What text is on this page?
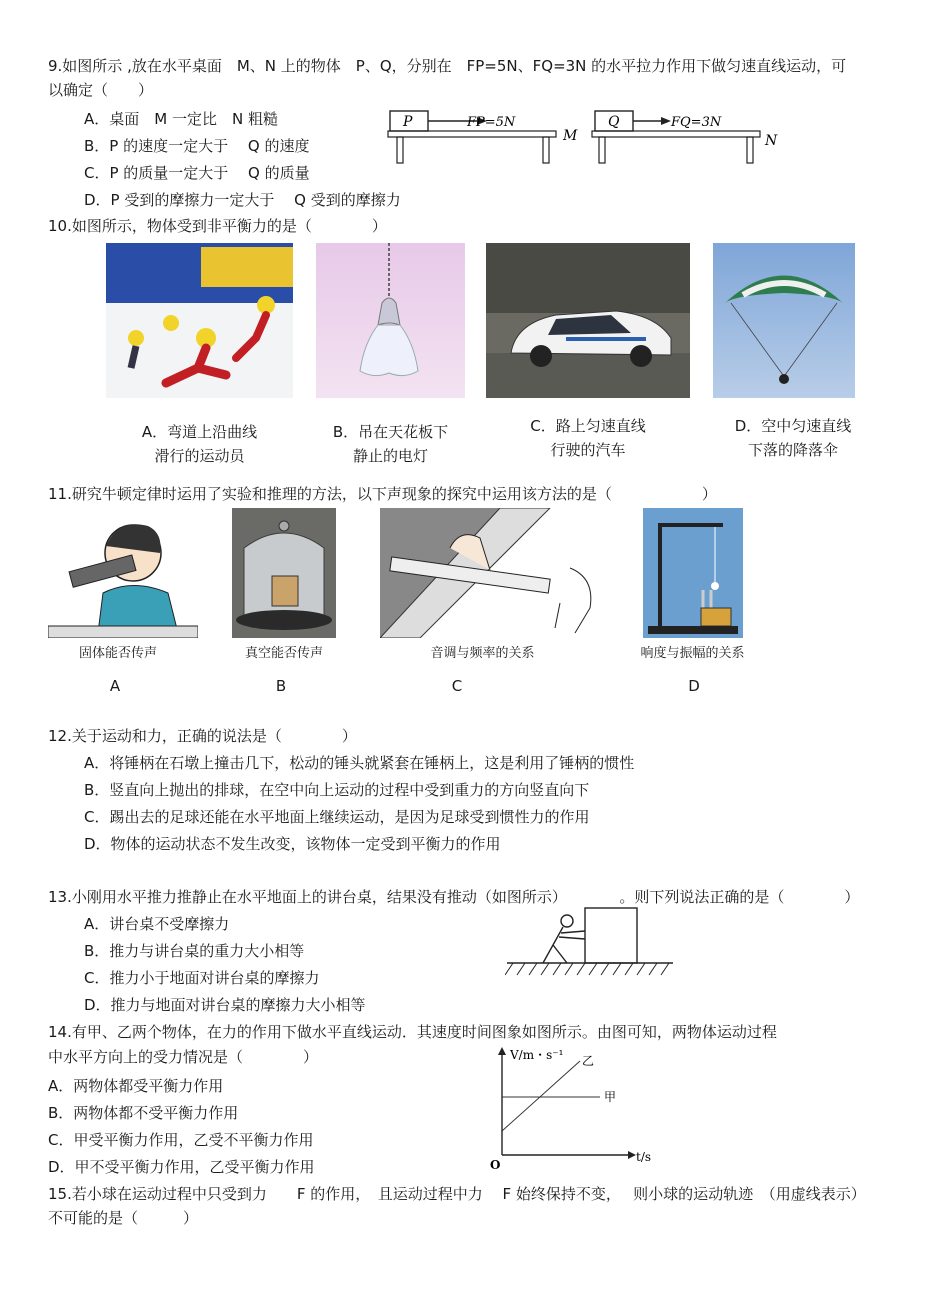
9.如图所示 ,放在水平桌面　M、N 上的物体　P、Q，分别在　FP=5N、FQ=3N 的水平拉力作用下做匀速直线运动，可
以确定（　　）
A．桌面　M 一定比　N 粗糙
B．P 的速度一定大于　 Q 的速度
C．P 的质量一定大于　 Q 的质量
D．P 受到的摩擦力一定大于　 Q 受到的摩擦力
P	FP=5N
M
Q	FQ=3N
N
10.如图所示，物体受到非平衡力的是（　　　　）
A．弯道上沿曲线
滑行的运动员
B．吊在天花板下
静止的电灯
C．路上匀速直线
行驶的汽车
D．空中匀速直线
下落的降落伞
11.研究牛顿定律时运用了实验和推理的方法，以下声现象的探究中运用该方法的是（　　　　　　）
固体能否传声
A
真空能否传声
B
音调与频率的关系
C
响度与振幅的关系
D
12.关于运动和力，正确的说法是（　　　　）
A．将锤柄在石墩上撞击几下，松动的锤头就紧套在锤柄上，这是利用了锤柄的惯性
B．竖直向上抛出的排球，在空中向上运动的过程中受到重力的方向竖直向下
C．踢出去的足球还能在水平地面上继续运动，是因为足球受到惯性力的作用
D．物体的运动状态不发生改变，该物体一定受到平衡力的作用
13.小刚用水平推力推静止在水平地面上的讲台桌，结果没有推动（如图所示）　　　　。则下列说法正确的是（　　　　）
A．讲台桌不受摩擦力
B．推力与讲台桌的重力大小相等
C．推力小于地面对讲台桌的摩擦力
D．推力与地面对讲台桌的摩擦力大小相等
14.有甲、乙两个物体，在力的作用下做水平直线运动．其速度时间图象如图所示。由图可知，两物体运动过程
中水平方向上的受力情况是（　　　　）
A．两物体都受平衡力作用
B．两物体都不受平衡力作用
C．甲受平衡力作用，乙受不平衡力作用
D．甲不受平衡力作用，乙受平衡力作用
V/m・s⁻¹
t/s
O
甲
乙
15.若小球在运动过程中只受到力　　F 的作用，　且运动过程中力　 F 始终保持不变，　 则小球的运动轨迹　（用虚线表示）
不可能的是（　　　）
